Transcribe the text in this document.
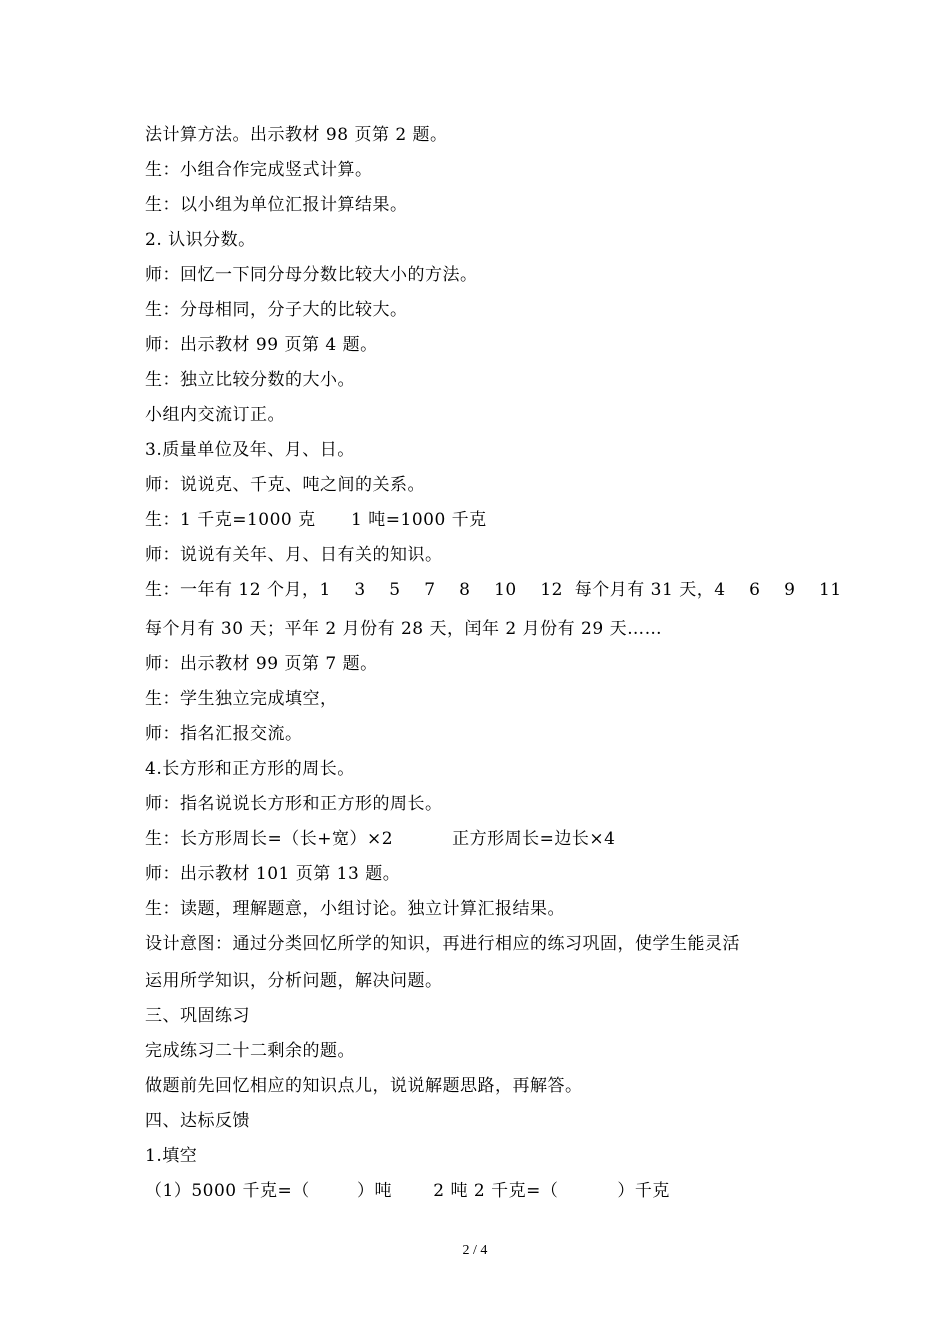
法计算方法。出示教材 98 页第 2 题。
生：小组合作完成竖式计算。
生：以小组为单位汇报计算结果。
2. 认识分数。
师：回忆一下同分母分数比较大小的方法。
生：分母相同，分子大的比较大。
师：出示教材 99 页第 4 题。
生：独立比较分数的大小。
小组内交流订正。
3.质量单位及年、月、日。
师：说说克、千克、吨之间的关系。
生：1 千克=1000 克      1 吨=1000 千克
师：说说有关年、月、日有关的知识。
生：一年有 12 个月，1    3    5    7    8    10    12  每个月有 31 天，4    6    9    11
每个月有 30 天；平年 2 月份有 28 天，闰年 2 月份有 29 天……
师：出示教材 99 页第 7 题。
生：学生独立完成填空，
师：指名汇报交流。
4.长方形和正方形的周长。
师：指名说说长方形和正方形的周长。
生：长方形周长=（长+宽）×2          正方形周长=边长×4
师：出示教材 101 页第 13 题。
生：读题，理解题意，小组讨论。独立计算汇报结果。
设计意图：通过分类回忆所学的知识，再进行相应的练习巩固，使学生能灵活
运用所学知识，分析问题，解决问题。
三、巩固练习
完成练习二十二剩余的题。
做题前先回忆相应的知识点儿，说说解题思路，再解答。
四、达标反馈
1.填空
（1）5000 千克=（        ）吨       2 吨 2 千克=（          ）千克
2 / 4
